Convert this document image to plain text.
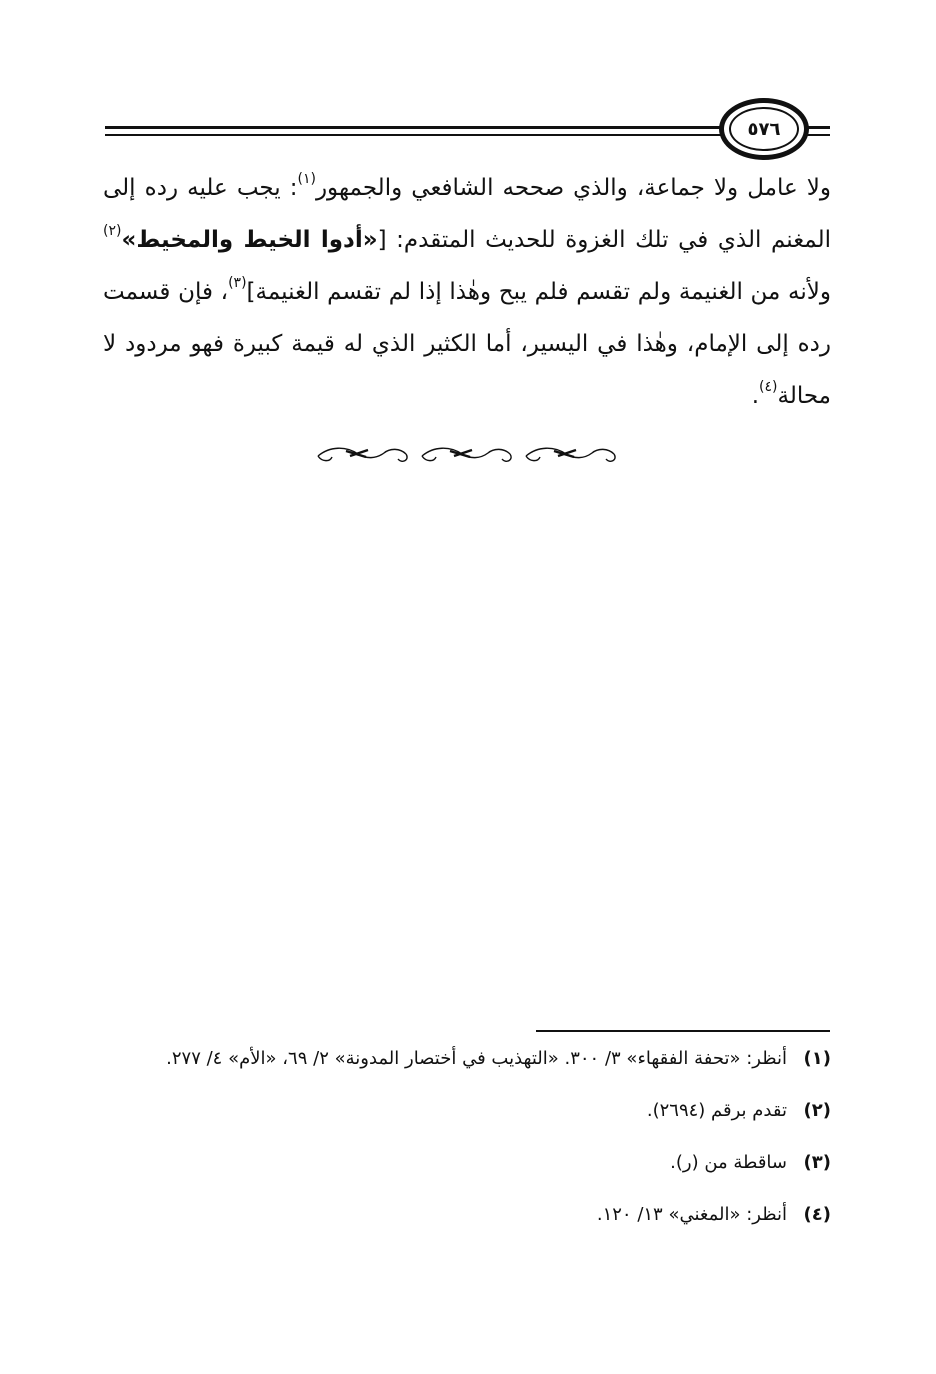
٥٧٦
ولا عامل ولا جماعة، والذي صححه الشافعي والجمهور$^{(١)}$: يجب عليه رده إلى المغنم الذي في تلك الغزوة للحديث المتقدم: [«أدوا الخيط والمخيط»$^{(٢)}$ ولأنه من الغنيمة ولم تقسم فلم يبح وهٰذا إذا لم تقسم الغنيمة]$^{(٣)}$، فإن قسمت رده إلى الإمام، وهٰذا في اليسير، أما الكثير الذي له قيمة كبيرة فهو مردود لا محالة$^{(٤)}$.
(١)
أنظر: «تحفة الفقهاء» ٣/ ٣٠٠. «التهذيب في أختصار المدونة» ٢/ ٦٩، «الأم» ٤/ ٢٧٧.
(٢)
تقدم برقم (٢٦٩٤).
(٣)
ساقطة من (ر).
(٤)
أنظر: «المغني» ١٣/ ١٢٠.
